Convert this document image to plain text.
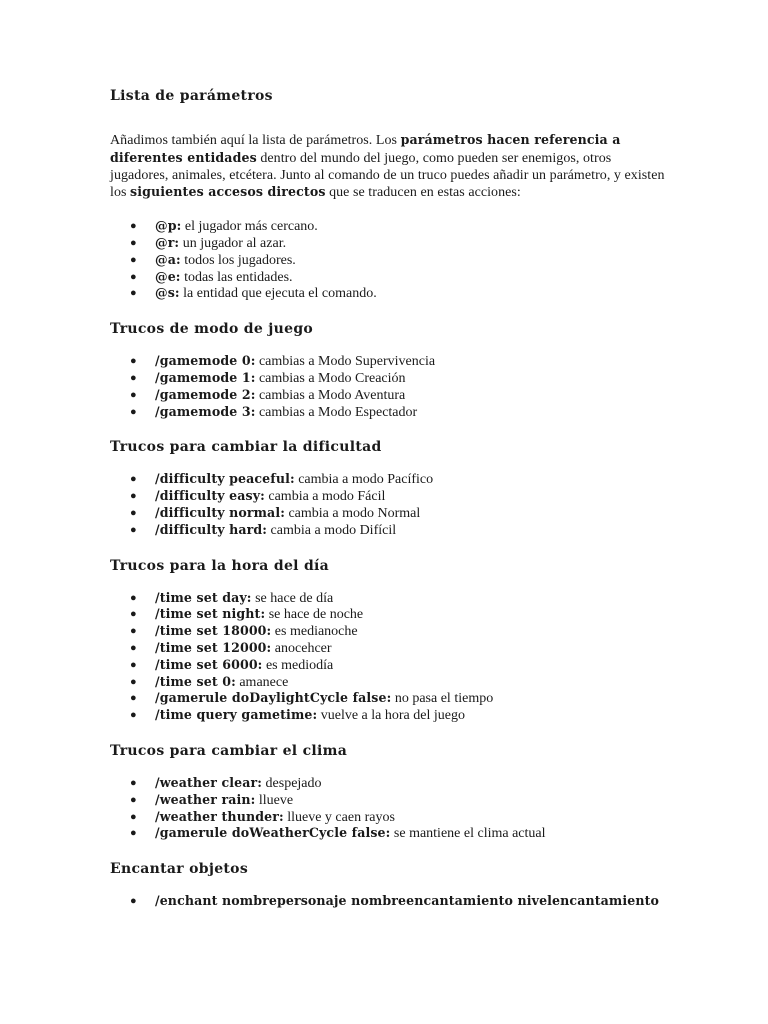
Lista de parámetros

Añadimos también aquí la lista de parámetros. Los parámetros hacen referencia a diferentes entidades dentro del mundo del juego, como pueden ser enemigos, otros jugadores, animales, etcétera. Junto al comando de un truco puedes añadir un parámetro, y existen los siguientes accesos directos que se traducen en estas acciones:

● @p: el jugador más cercano.
● @r: un jugador al azar.
● @a: todos los jugadores.
● @e: todas las entidades.
● @s: la entidad que ejecuta el comando.
Trucos de modo de juego
● /gamemode 0: cambias a Modo Supervivencia
● /gamemode 1: cambias a Modo Creación
● /gamemode 2: cambias a Modo Aventura
● /gamemode 3: cambias a Modo Espectador
Trucos para cambiar la dificultad
● /difficulty peaceful: cambia a modo Pacífico
● /difficulty easy: cambia a modo Fácil
● /difficulty normal: cambia a modo Normal
● /difficulty hard: cambia a modo Difícil
Trucos para la hora del día
● /time set day: se hace de día
● /time set night: se hace de noche
● /time set 18000: es medianoche
● /time set 12000: anocehcer
● /time set 6000: es mediodía
● /time set 0: amanece
● /gamerule doDaylightCycle false: no pasa el tiempo
● /time query gametime: vuelve a la hora del juego
Trucos para cambiar el clima
● /weather clear: despejado
● /weather rain: llueve
● /weather thunder: llueve y caen rayos
● /gamerule doWeatherCycle false: se mantiene el clima actual
Encantar objetos
● /enchant nombrepersonaje nombreencantamiento nivelencantamiento
